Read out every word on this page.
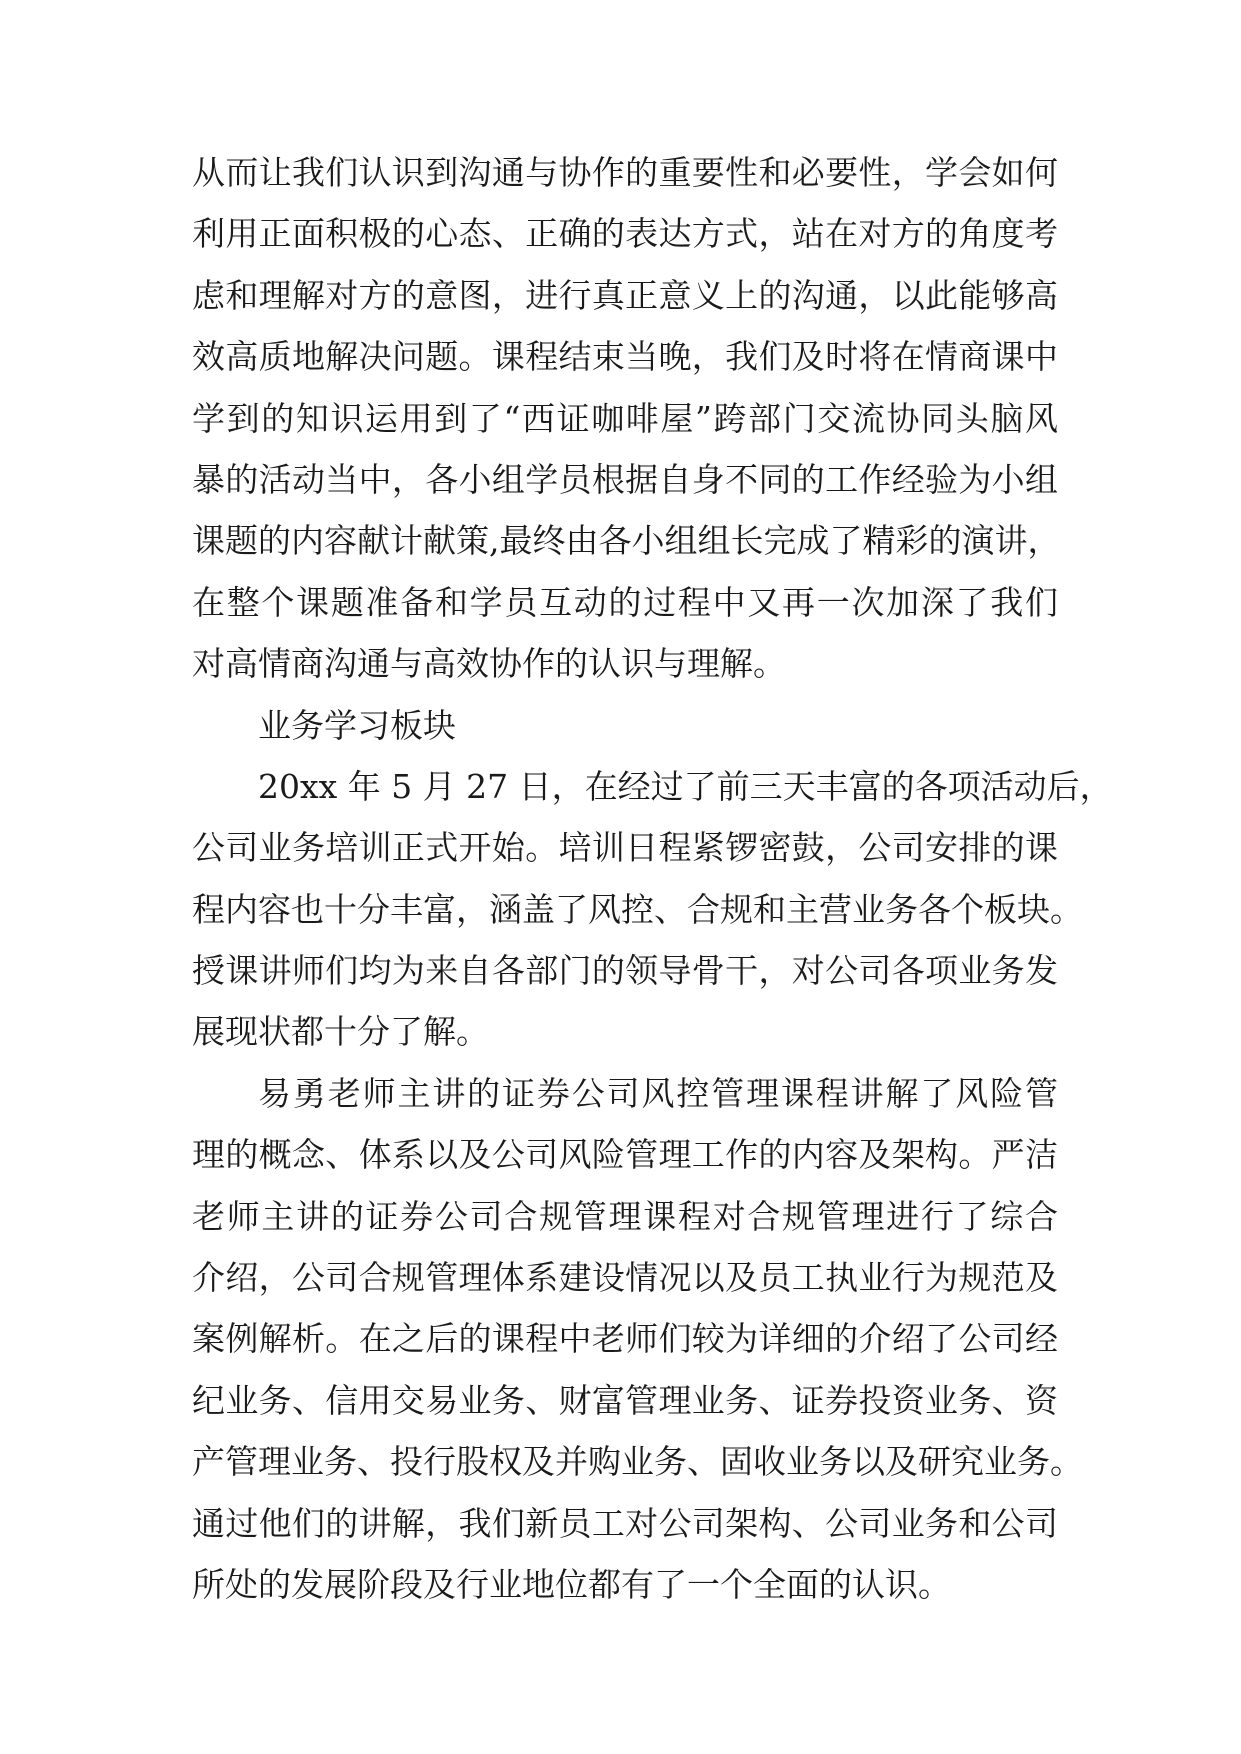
从而让我们认识到沟通与协作的重要性和必要性，学会如何
利用正面积极的心态、正确的表达方式，站在对方的角度考
虑和理解对方的意图，进行真正意义上的沟通，以此能够高
效高质地解决问题。课程结束当晚，我们及时将在情商课中
学到的知识运用到了“西证咖啡屋”跨部门交流协同头脑风
暴的活动当中，各小组学员根据自身不同的工作经验为小组
课题的内容献计献策,最终由各小组组长完成了精彩的演讲，
在整个课题准备和学员互动的过程中又再一次加深了我们
对高情商沟通与高效协作的认识与理解。
业务学习板块
20xx 年 5 月 27 日，在经过了前三天丰富的各项活动后，
公司业务培训正式开始。培训日程紧锣密鼓，公司安排的课
程内容也十分丰富，涵盖了风控、合规和主营业务各个板块。
授课讲师们均为来自各部门的领导骨干，对公司各项业务发
展现状都十分了解。
易勇老师主讲的证券公司风控管理课程讲解了风险管
理的概念、体系以及公司风险管理工作的内容及架构。严洁
老师主讲的证券公司合规管理课程对合规管理进行了综合
介绍，公司合规管理体系建设情况以及员工执业行为规范及
案例解析。在之后的课程中老师们较为详细的介绍了公司经
纪业务、信用交易业务、财富管理业务、证券投资业务、资
产管理业务、投行股权及并购业务、固收业务以及研究业务。
通过他们的讲解，我们新员工对公司架构、公司业务和公司
所处的发展阶段及行业地位都有了一个全面的认识。
